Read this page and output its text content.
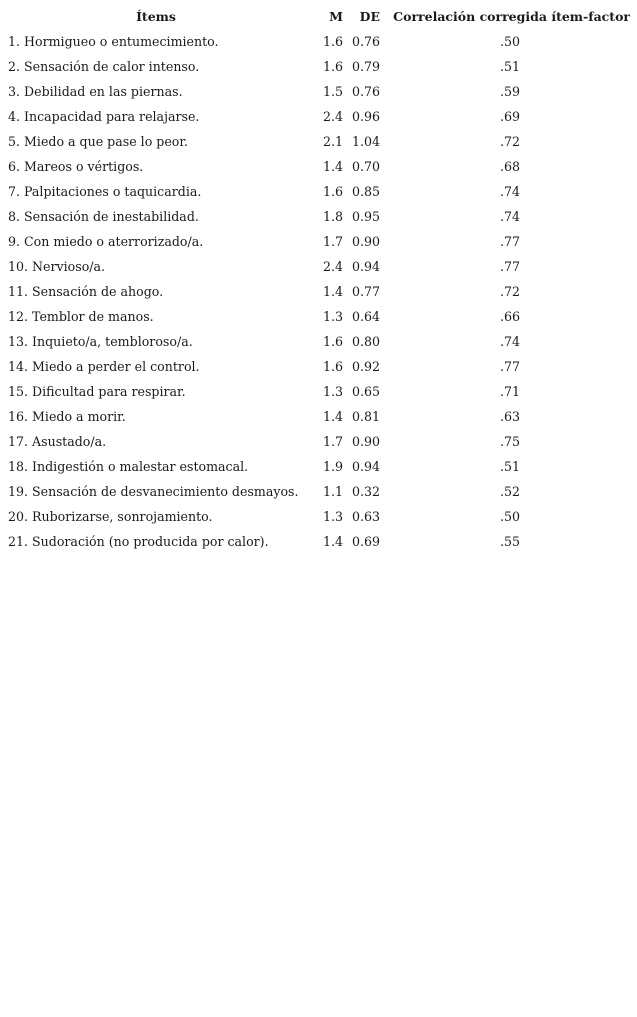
Ítems	M	DE	Correlación corregida ítem-factor
1. Hormigueo o entumecimiento.	1.6	0.76	.50
2. Sensación de calor intenso.	1.6	0.79	.51
3. Debilidad en las piernas.	1.5	0.76	.59
4. Incapacidad para relajarse.	2.4	0.96	.69
5. Miedo a que pase lo peor.	2.1	1.04	.72
6. Mareos o vértigos.	1.4	0.70	.68
7. Palpitaciones o taquicardia.	1.6	0.85	.74
8. Sensación de inestabilidad.	1.8	0.95	.74
9. Con miedo o aterrorizado/a.	1.7	0.90	.77
10. Nervioso/a.	2.4	0.94	.77
11. Sensación de ahogo.	1.4	0.77	.72
12. Temblor de manos.	1.3	0.64	.66
13. Inquieto/a, tembloroso/a.	1.6	0.80	.74
14. Miedo a perder el control.	1.6	0.92	.77
15. Dificultad para respirar.	1.3	0.65	.71
16. Miedo a morir.	1.4	0.81	.63
17. Asustado/a.	1.7	0.90	.75
18. Indigestión o malestar estomacal.	1.9	0.94	.51
19. Sensación de desvanecimiento desmayos.	1.1	0.32	.52
20. Ruborizarse, sonrojamiento.	1.3	0.63	.50
21. Sudoración (no producida por calor).	1.4	0.69	.55
